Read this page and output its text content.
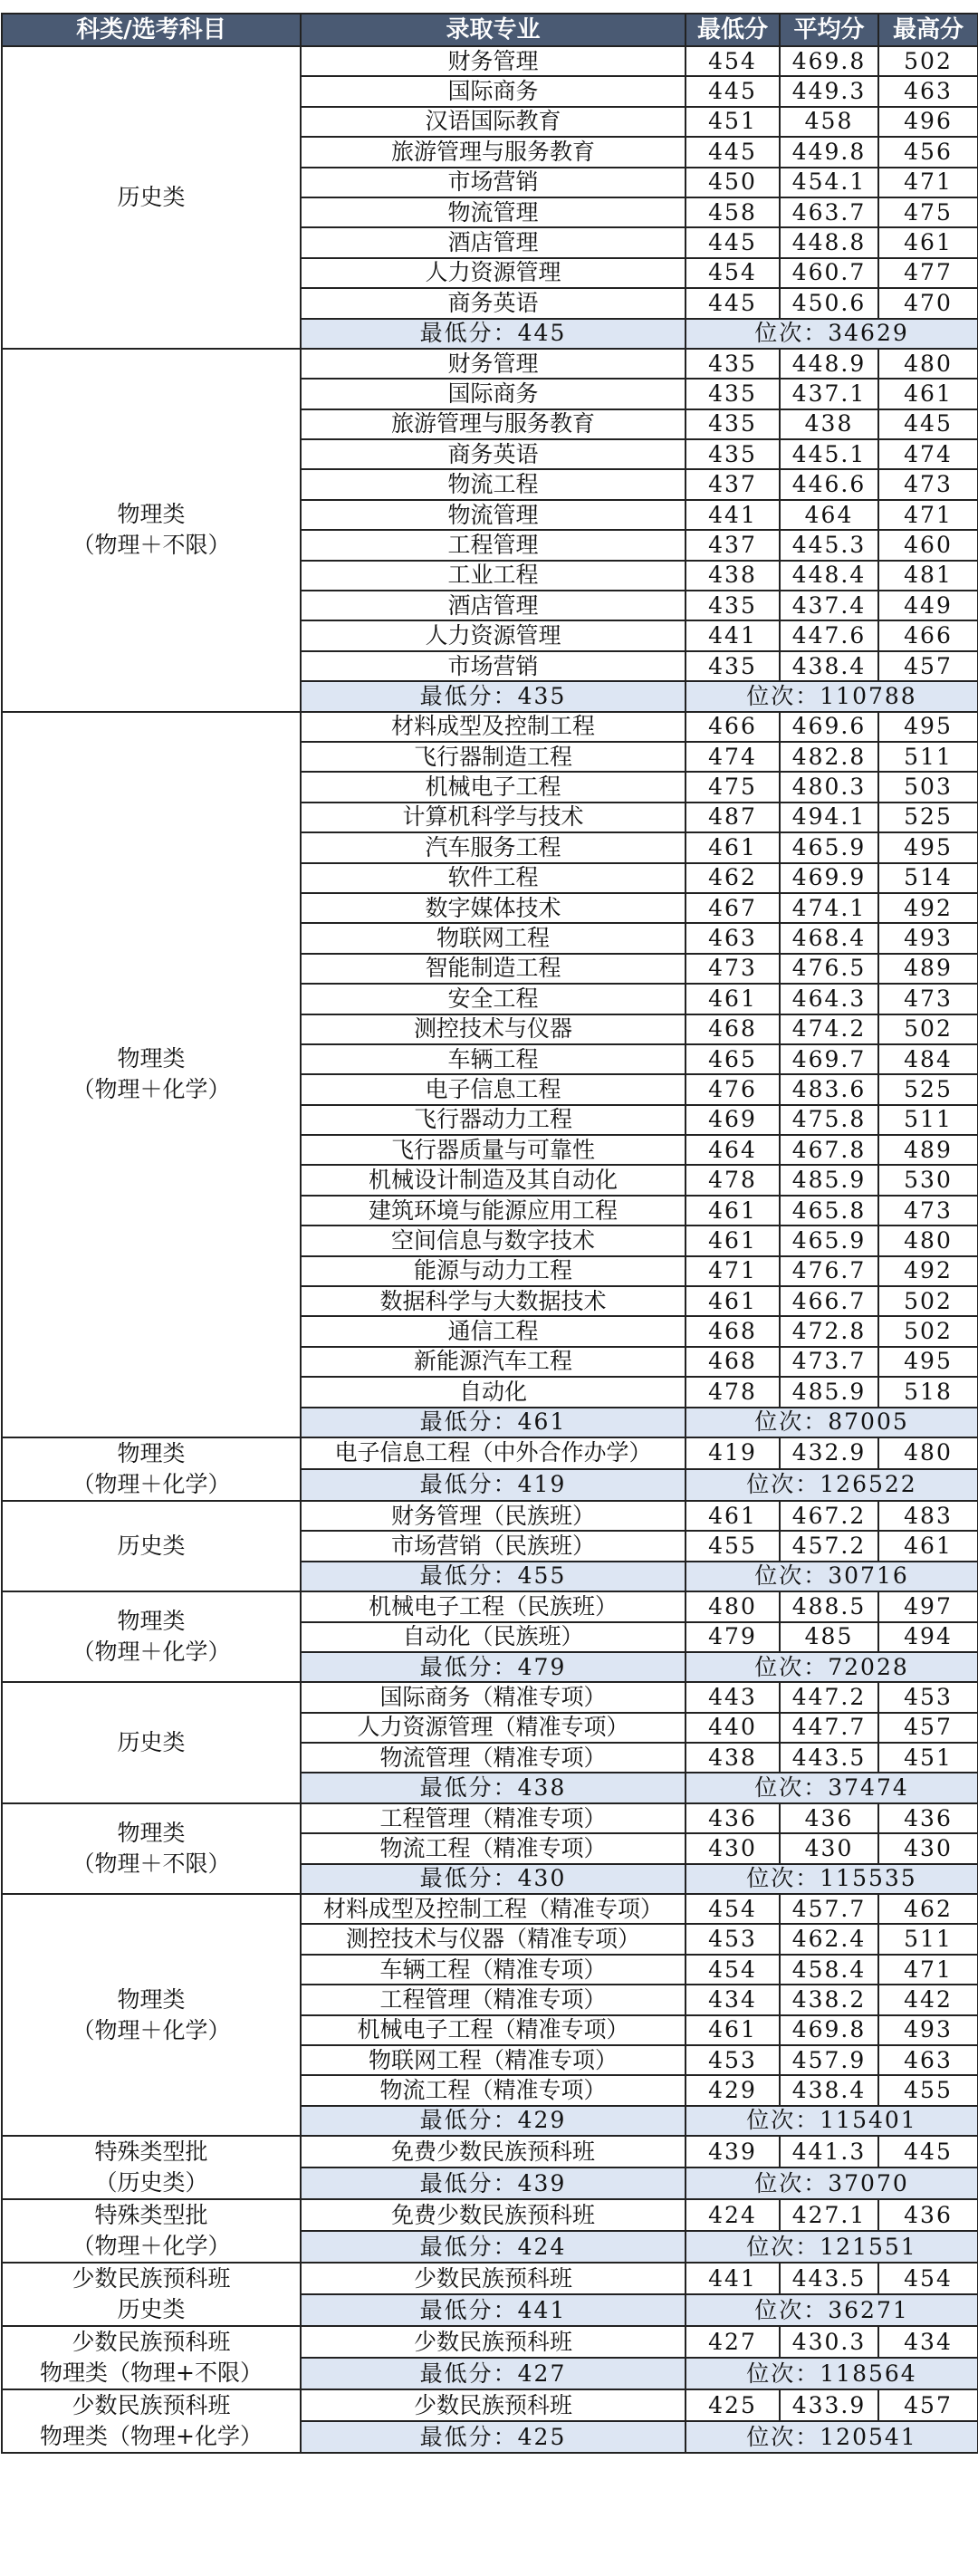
科类/选考科目	录取专业	最低分	平均分	最高分

历史类	财务管理	454	469.8	502
	国际商务	445	449.3	463
	汉语国际教育	451	458	496
	旅游管理与服务教育	445	449.8	456
	市场营销	450	454.1	471
	物流管理	458	463.7	475
	酒店管理	445	448.8	461
	人力资源管理	454	460.7	477
	商务英语	445	450.6	470
	最低分：445	位次：34629		

物理类
（物理＋不限）	财务管理	435	448.9	480
	国际商务	435	437.1	461
	旅游管理与服务教育	435	438	445
	商务英语	435	445.1	474
	物流工程	437	446.6	473
	物流管理	441	464	471
	工程管理	437	445.3	460
	工业工程	438	448.4	481
	酒店管理	435	437.4	449
	人力资源管理	441	447.6	466
	市场营销	435	438.4	457
	最低分：435	位次：110788		

物理类
（物理＋化学）	材料成型及控制工程	466	469.6	495
	飞行器制造工程	474	482.8	511
	机械电子工程	475	480.3	503
	计算机科学与技术	487	494.1	525
	汽车服务工程	461	465.9	495
	软件工程	462	469.9	514
	数字媒体技术	467	474.1	492
	物联网工程	463	468.4	493
	智能制造工程	473	476.5	489
	安全工程	461	464.3	473
	测控技术与仪器	468	474.2	502
	车辆工程	465	469.7	484
	电子信息工程	476	483.6	525
	飞行器动力工程	469	475.8	511
	飞行器质量与可靠性	464	467.8	489
	机械设计制造及其自动化	478	485.9	530
	建筑环境与能源应用工程	461	465.8	473
	空间信息与数字技术	461	465.9	480
	能源与动力工程	471	476.7	492
	数据科学与大数据技术	461	466.7	502
	通信工程	468	472.8	502
	新能源汽车工程	468	473.7	495
	自动化	478	485.9	518
	最低分：461	位次：87005		

物理类
（物理＋化学）	电子信息工程（中外合作办学）	419	432.9	480
	最低分：419	位次：126522		

历史类	财务管理（民族班）	461	467.2	483
	市场营销（民族班）	455	457.2	461
	最低分：455	位次：30716		

物理类
（物理＋化学）	机械电子工程（民族班）	480	488.5	497
	自动化（民族班）	479	485	494
	最低分：479	位次：72028		

历史类	国际商务（精准专项）	443	447.2	453
	人力资源管理（精准专项）	440	447.7	457
	物流管理（精准专项）	438	443.5	451
	最低分：438	位次：37474		

物理类
（物理＋不限）	工程管理（精准专项）	436	436	436
	物流工程（精准专项）	430	430	430
	最低分：430	位次：115535		

物理类
（物理＋化学）	材料成型及控制工程（精准专项）	454	457.7	462
	测控技术与仪器（精准专项）	453	462.4	511
	车辆工程（精准专项）	454	458.4	471
	工程管理（精准专项）	434	438.2	442
	机械电子工程（精准专项）	461	469.8	493
	物联网工程（精准专项）	453	457.9	463
	物流工程（精准专项）	429	438.4	455
	最低分：429	位次：115401		

特殊类型批
（历史类）	免费少数民族预科班	439	441.3	445
	最低分：439	位次：37070		

特殊类型批
（物理＋化学）	免费少数民族预科班	424	427.1	436
	最低分：424	位次：121551		

少数民族预科班
历史类	少数民族预科班	441	443.5	454
	最低分：441	位次：36271		

少数民族预科班
物理类（物理+不限）	少数民族预科班	427	430.3	434
	最低分：427	位次：118564		

少数民族预科班
物理类（物理+化学）	少数民族预科班	425	433.9	457
	最低分：425	位次：120541		
